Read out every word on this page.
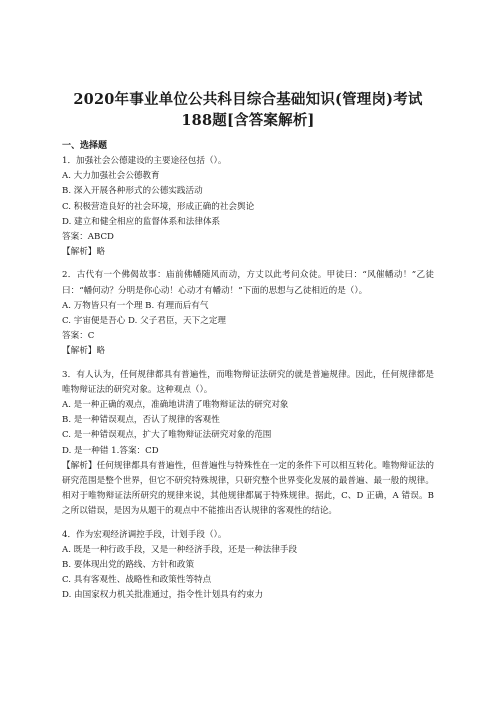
2020年事业单位公共科目综合基础知识(管理岗)考试
188题[含答案解析]
一、选择题
1．加强社会公德建设的主要途径包括（）。
A. 大力加强社会公德教育
B. 深入开展各种形式的公德实践活动
C. 积极营造良好的社会环境，形成正确的社会舆论
D. 建立和健全相应的监督体系和法律体系
答案：ABCD
【解析】略
2．古代有一个佛偈故事：庙前佛幡随风而动，方丈以此考问众徒。甲徒曰：“风催幡动！”乙徒曰：“幡何动？分明是你心动！心动才有幡动！”下面的思想与乙徒相近的是（）。
A. 万物皆只有一个理 B. 有理而后有气
C. 宇宙便是吾心 D. 父子君臣，天下之定理
答案：C
【解析】略
3．有人认为，任何规律都具有普遍性，而唯物辩证法研究的就是普遍规律。因此，任何规律都是唯物辩证法的研究对象。这种观点（）。
A. 是一种正确的观点，准确地讲清了唯物辩证法的研究对象
B. 是一种错误观点，否认了规律的客观性
C. 是一种错误观点，扩大了唯物辩证法研究对象的范围
D. 是一种错 1.答案：CD
【解析】任何规律都具有普遍性，但普遍性与特殊性在一定的条件下可以相互转化。唯物辩证法的研究范围是整个世界，但它不研究特殊规律，只研究整个世界变化发展的最普遍、最一般的规律。相对于唯物辩证法所研究的规律来说，其他规律都属于特殊规律。据此，C、D 正确，A 错误。B 之所以错误，是因为从题干的观点中不能推出否认规律的客观性的结论。
4．作为宏观经济调控手段，计划手段（）。
A. 既是一种行政手段，又是一种经济手段，还是一种法律手段
B. 要体现出党的路线、方针和政策
C. 具有客观性、战略性和政策性等特点
D. 由国家权力机关批准通过，指令性计划具有约束力
